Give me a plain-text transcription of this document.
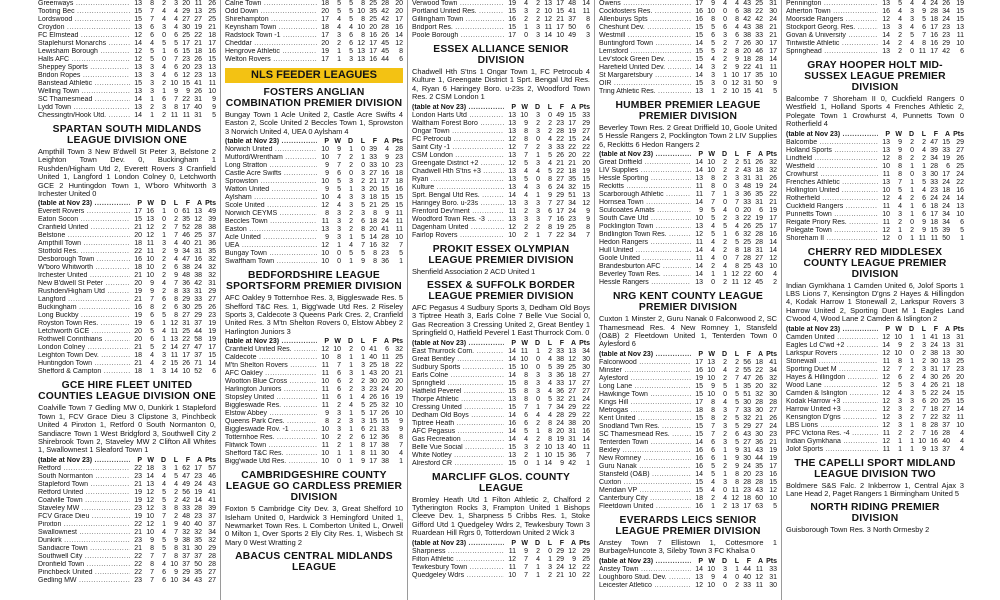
Greenways .....	13	8	2	3 20 11 26
Tooting Bec .....	15	7	4	4 29 13 25
Lordswood .....	15	7	4	4 27 27 25
Croydon .....	13	6	3	4 30 19 21
FC Elmstead .....	12	6	0	6 25 22 18
Staplehurst Monarchs .....	14	4	5	5 17 21 17
Lewisham Borough .....	12	5	1	6 15 18 16
Halls AFC .....	12	5	0	7 23 26 15
Sheppey Sports .....	13	3	4	6 20 23 13
Bridon Ropes .....	13	3	4	6 12 23 13
Banstead Athletic .....	15	3	2 10 15 41 11
Welling Town .....	13	3	1	9	9 26 10
SC Thamesmead .....	14	1	6	7 22 31	9
Lydd Town .....	13	2	3	8 17 40	9
Chessingtn/Hook Utd. .....	14	1	2 11 11 31	5
SPARTAN SOUTH MIDLANDS LEAGUE DIVISION ONE
Ampthill Town 3 New B'dwell St Peter 3, Belstone 2 Leighton Town Dev. 0, Buckingham 1 Rushden/Higham Utd 2, Everett Rovers 3 Cranfield United 1, Langford 1 London Colney 0, Letchworth GCE 2 Huntingdon Town 1, W'boro Whitworth 3 Irchester United 0
(table at Nov 23) .....	P W D	L	F A Pts
Everett Rovers .....	17 16	1	0 61 13 49
Eaton Socon .....	15 13	0	2 35 12 39
Cranfield United .....	21 12	2	7 52 28 38
Belstone .....	20 12	1	7 46 25 37
Ampthill Town .....	18 11	3	4 40 21 36
Stotfold Res. .....	22 11	2	9 34 31 35
Desborough Town .....	16 10	2	4 47 16 32
W'boro Whitworth .....	18 10	2	6 38 24 32
Irchester United .....	21 10	2	9 48 38 32
New B'dwell St Peter .....	20	9	4	7 36 42 31
Rushden/Higham Utd .....	19	9	2	8 33 31 29
Langford .....	21	7	6	8 29 33 27
Buckingham .....	16	8	2	6 30 25 26
Long Buckby .....	19	6	5	8 27 29 23
Royston Town Res. .....	19	6	1 12 31 37 19
Letchworth GCE .....	20	5	4 11 25 44 19
Rothwell Corinthians .....	20	6	1 13 22 58 19
London Colney .....	21	5	2 14 27 47 17
Leighton Town Dev. .....	18	4	3 11 17 37 15
Huntingdon Town .....	21	4	2 15 26 71 14
Shefford & Campton .....	18	1	3 14 10 52	6
GCE HIRE FLEET UNITED COUNTIES LEAGUE DIVISION ONE
Coalville Town 7 Gedling MW 0, Dunkirk 1 Stapleford Town 1, FCV Grace Dieu 3 Clipstone 3, Pinchbeck United 4 Pinxton 1, Retford 0 South Normanton 0, Sandiacre Town 1 West Bridgford 3, Southwell City 2 Shirebrook Town 2, Staveley MW 2 Clifton All Whites 1, Swallownest 1 Sleaford Town 1
(table at Nov 23) .....	P W D	L	F A Pts
Retford .....	22 18	3	1 62 17 57
South Normanton .....	23 14	4	5 47 23 46
Stapleford Town .....	21 13	4	4 49 24 43
Retford United .....	19 12	5	2 56 19 41
Coalville Town .....	19 12	5	2 42 14 41
Staveley MW .....	23 12	3	8 33 28 39
FCV Grace Dieu .....	19 10	7	2 48 23 37
Pinxton .....	22 12	1	9 40 40 37
Swallownest .....	21 10	4	7 32 32 34
Dunkirk .....	23	9	5	9 38 35 32
Sandiacre Town .....	21	8	5	8 31 30 29
Southwell City .....	22	7	7	8 37 37 28
Dronfield Town .....	22	8	4 10 37 50 28
Pinchbeck United .....	22	7	6	9 29 35 27
Gedling MW .....	23	7	6 10 34 43 27
Calne Town .....	18	5	5	8 25 28 20
Odd Down .....	20	5	5 10 35 42 20
Shirehampton .....	17	4	5	8 25 42 17
Keynsham Town .....	18	4	4 10 20 28 16
Radstock Town -1 .....	17	3	6	8 16 26 14
Cheddar .....	20	2	6 12 17 45 12
Hengrove Athletic .....	19	1	5 13 17 45	8
Welton Rovers .....	17	1	3 13 16 44	6
NLS FEEDER LEAGUES
FOSTERS ANGLIAN COMBINATION PREMIER DIVISION
Bungay Town 1 Acle United 2, Castle Acre Swifts 4 Easton 2, Scole United 2 Beccles Town 1, Sprowston 3 Norwich United 4, UEA 0 Aylsham 4
(table at Nov 23) .....	P W D	L	F A Pts
Norwich United .....	10	9	1	0 39	4 28
Mutford/Wrentham .....	10	7	2	1 33	9 23
Long Stratton .....	9	7	2	0 33 10 23
Castle Acre Swifts .....	9	6	0	3 27 16 18
Sprowston .....	10	5	3	2 21 17 18
Watton United .....	9	5	1	3 20 15 16
Aylsham .....	10	4	3	3 18 15 15
Scole United .....	12	4	3	5 21 25 15
Norwich CEYMS .....	8	3	2	3	8	9 11
Beccles Town .....	11	3	2	6 18 24 11
Easton .....	13	3	2	8 20 41 11
Acle United .....	9	3	1	5 14 28 10
UEA .....	12	1	4	7 16 32	7
Bungay Town .....	10	0	5	5	8 23	5
Swaffham Town .....	10	0	1	9	8 36	1
BEDFORDSHIRE LEAGUE SPORTSFORM PREMIER DIVISION
AFC Oakley 9 Totternhoe Res. 3, Biggleswade Res. 5 Shefford T&C Res. 1, Bigg'wade Utd Res. 2 Riseley Sports 3, Caldecote 3 Queens Park Cres. 2, Cranfield United Res. 3 M'tn Shelton Rovers 0, Elstow Abbey 2 Harlington Juniors 3
(table at Nov 23) .....	P W D	L	F A Pts
Cranfield United Res. .....	12 10	2	0 41	6 32
Caldecote .....	10	8	1	1 40 11 25
M'tn Shelton Rovers .....	11	7	1	3 25 18 22
AFC Oakley .....	11	6	3	1 43 20 21
Wootton Blue Cross .....	10	6	2	2 30 20 20
Harlington Juniors .....	11	6	2	3 23 24 20
Stopsley United .....	11	6	1	4 26 16 19
Biggleswade Res. .....	11	2	4	5 25 32 10
Elstow Abbey .....	9	3	1	5 17 26 10
Queens Park Cres. .....	8	2	3	3 15 15	9
Biggleswade Rov. -1 .....	10	3	1	6 21 33	9
Totternhoe Res. .....	10	2	2	6 12 36	8
Flitwick Town .....	11	2	1	8 17 38	7
Shefford T&C Res. .....	10	1	1	8 11 30	4
Bigg'wade Utd Res. .....	10	0	1	9 17 38	1
CAMBRIDGESHIRE COUNTY LEAGUE GO CARDLESS PREMIER DIVISION
Foxton 5 Cambridge City Dev. 3, Great Shelford 10 Isleham United 0, Hardwick 3 Hemingford United 1, Newmarket Town Res. L Comberton United L, Orwell 0 Milton 1, Over Sports 2 Ely City Res. 1, Wisbech St Mary 0 West Wratting 2
ABACUS CENTRAL MIDLANDS LEAGUE
Verwood Town .....	19	4	2 13 17 48 14
Portland United Res. .....	15	3	2 10 15 41 11
Gillingham Town .....	16	2	2 12 21 37	8
Bridport Res. .....	15	1	3 11 17 50	6
Poole Borough .....	17	0	3 14 10 49	3
ESSEX ALLIANCE SENIOR DIVISION
Chadwell Hth S'tns 1 Ongar Town 1, FC Petrocub 4 Kulture 1, Greengate District 1 Sprt. Bengal Utd Res. 4, Ryan 6 Haringey Boro. u-23s 2, Woodford Town Res. 2 CSM London 1
(table at Nov 23) .....	P W D	L	F A Pts
London Harts Utd .....	13 10	3	0 49 15 33
Waltham Forest Boro .....	13	9	2	2 23 17 29
Ongar Town .....	13	8	3	2 28 19 27
FC Petrocub .....	12	8	0	4 22 15 24
Saint City -1 .....	12	7	2	3 33 22 22
CSM London .....	13	7	1	5 26 20 22
Greengate District +2 .....	12	5	3	4 21 21 20
Chadwell Hth S'tns +3 .....	13	4	4	5 22 18 19
Ryan .....	13	5	0	8 27 35 15
Kulture .....	13	4	3	6 24 32 15
Sprt. Bengal Utd Res. .....	14	4	1	9 29 51 13
Haringey Boro. u-23s .....	13	3	3	7 27 34 12
Frenford Dev'ment .....	11	2	3	6 17 24	9
Woodford Town Res. -3 .....	13	3	3	7 16 23	9
Dagenham United .....	12	2	2	8 19 25	8
Fairlop Rovers .....	10	2	1	7 22 34	7
PROKIT ESSEX OLYMPIAN LEAGUE PREMIER DIVISION
Shenfield Association 2 ACD United 1
ESSEX & SUFFOLK BORDER LEAGUE PREMIER DIVISION
AFC Pegasus 4 Sudbury Sports 3, Dedham Old Boys 3 Tiptree Heath 3, Earls Colne 7 Belle Vue Social 0, Gas Recreation 3 Cressing United 2, Great Bentley 1 Springfield 0, Hatfield Peverel 1 East Thurrock Com. 0
(table at Nov 23) .....	P W D	L	F A Pts
East Thurrock Com. .....	14 11	1	2 33 13 34
Great Bentley .....	14 10	0	4 38 12 30
Sudbury Sports .....	15 10	0	5 39 25 30
Earls Colne .....	14	8	3	3 36 18 27
Springfield .....	15	8	3	4 33 17 27
Hatfield Peverel .....	15	8	3	4 36 27 27
Thorpe Athletic .....	13	8	0	5 32 21 24
Cressing United .....	15	7	1	7 34 29 22
Dedham Old Boys .....	14	6	4	4 28 29 22
Tiptree Heath .....	16	6	2	8 24 38 20
AFC Pegasus .....	14	5	1	8 20 31 16
Gas Recreation .....	14	4	2	8 19 31 14
Belle Vue Social .....	15	3	2 10 13 40 11
White Notley .....	13	2	1 10 15 36	7
Alresford CR .....	15	0	1 14	9 42	1
MARCLIFF GLOS. COUNTY LEAGUE
Bromley Heath Utd 1 Filton Athletic 2, Chalford 2 Tytherington Rocks 3, Frampton United 1 Bishops Cleeve Dev. 1, Sharpness 5 Cribbs Res. 1, Stoke Gifford Utd 1 Quedgeley Wdrs 2, Tewkesbury Town 3 Ruardean Hill Rgrs 0, Totterdown United 2 Wick 3
(table at Nov 23) .....	P W D	L	F A Pts
Sharpness .....	11	9	2	0 29 12 29
Filton Athletic .....	12	7	4	1 29	9 25
Tewkesbury Town .....	11	7	1	3 24 12 22
Quedgeley Wdrs .....	10	7	1	2 21 10 22
Owens .....	17	9	4	4 43 25 31
Cockfosters Res. .....	16 10	0	6 38 22 30
Allenburys Spts .....	16	8	0	8 42 42 24
Cheshunt Dev. .....	15	5	6	4 43 38 21
Westmill .....	15	6	3	6 38 33 21
Buntingford Town .....	14	5	2	7 26 30 17
Lemsford .....	15	5	2	8 20 46 17
Lev'stock Green Dev. .....	15	4	2	9 18 28 14
Harefield United Dev. .....	14	3	2	9 22 41 11
St Margaretsbury .....	14	3	1 10 17 35 10
OIR .....	15	3	0 12 31 50	9
Tring Athletic Res. .....	13	1	2 10 15 41	5
HUMBER PREMIER LEAGUE PREMIER DIVISION
Beverley Town Res. 2 Great Driffield 10, Goole United 5 Hessle Rangers 2, Pocklington Town 2 LIV Supplies 6, Reckitts 6 Hedon Rangers 2
(table at Nov 23) .....	P W D	L	F A Pts
Great Driffield .....	14 10	2	2 51 26 32
LIV Supplies .....	14 10	2	2 43 18 32
Hessle Sporting .....	13	8	2	3 31 31 26
Reckitts .....	11	8	0	3 48 19 24
Scarborough Athletic .....	11	7	1	3 36 35 22
Hornsea Town .....	14	7	0	7 33 31 21
Sculcoates Amats .....	9	5	4	0 20	6 19
South Cave Utd .....	10	5	2	3 22 19 17
Pocklington Town .....	13	4	5	4 26 25 17
Bridlington Town Res. .....	12	5	1	6 32 28 16
Hedon Rangers .....	11	4	2	5 25 28 14
Hull United .....	14	4	2	8 18 31 14
Goole United .....	11	4	0	7 28 27 12
Brandesburton AFC .....	14	2	4	8 25 43 10
Beverley Town Res. .....	14	1	1 12 22 60	4
Hessle Rangers .....	13	0	2 11 12 45	2
NRG KENT COUNTY LEAGUE PREMIER DIVISION
Cuxton 1 Minster 2, Guru Nanak 0 Falconwood 2, SC Thamesmead Res. 4 New Romney 1, Stansfeld (O&B) 2 Fleetdown United 1, Tenterden Town 0 Aylesford 6
(table at Nov 23) .....	P W D	L	F A Pts
Falconwood .....	17 13	2	2 56 18 41
Minster .....	16 10	4	2 55 22 34
Aylesford .....	19 10	2	7 47 26 32
Long Lane .....	15	9	5	1 35 20 32
Hawkinge Town .....	15 10	0	5 51 32 30
Kings Hill .....	17	8	4	5 30 28 28
Metrogas .....	18	8	3	7 33 30 27
Kent United .....	15	8	2	5 32 21 26
Snodland Twn Res. .....	15	7	3	5 29 27 24
SC Thamesmead Res. .....	15	7	2	6 43 30 23
Tenterden Town .....	14	6	3	5 27 36 21
Bexley .....	16	6	1	9 31 43 19
New Romney .....	16	6	1	9 30 44 19
Guru Nanak .....	16	5	2	9 24 35 17
Stansfeld (O&B) .....	14	5	1	8 20 23 16
Cuxton .....	15	4	3	8 28 28 15
Meridian VP .....	15	4	0 11 23 43 12
Canterbury City .....	18	2	4 12 18 60 10
Fleetdown United .....	16	1	2 13 17 63	5
EVERARDS LEICS SENIOR LEAGUE PREMIER DIVISION
Anstey Town 7 Ellistown 1, Cottesmore 1 Burbage/Huncote 3, Sileby Town 3 FC Khalsa 0
(table at Nov 23) .....	P W D	L	F A Pts
Anstey Town .....	14 10	3	1 44 11 33
Loughboro Stud. Dev. .....	13	9	4	0 40 12 31
Leicester Atletico .....	12 10	0	2 33 11 30
Pennington .....	13	5	4	4 24 26 19
Atherton Town .....	16	4	3	9 28 34 15
Moorside Rangers .....	12	4	3	5 18 24 15
Stockport Georg. Res. .....	13	3	4	6 17 23 13
Govan & University .....	14	2	5	7 16 23 11
Tintwistle Athletic .....	14	2	4	8 16 29 10
Springhead .....	13	2	0 11 17 42	6
GRAY HOOPER HOLT MID-SUSSEX LEAGUE PREMIER DIVISION
Balcombe 7 Shoreham II 0, Cuckfield Rangers 0 Westfield 1, Holland Sports 4 Frenches Athletic 2, Polegate Town 1 Crowhurst 4, Punnetts Town 0 Rotherfield 4
(table at Nov 23) .....	P W D	L	F A Pts
Balcombe .....	13	9	2	2 47 15 29
Holland Sports .....	13	9	0	4 39 33 27
Lindfield .....	12	8	2	2 34 19 26
Westfield .....	10	8	1	1 28	6 25
Crowhurst .....	11	8	0	3 30 17 24
Frenches Athletic .....	13	7	1	5 33 24 22
Hollington United .....	10	5	1	4 23 18 16
Rotherfield .....	12	4	2	6 24 24 14
Cuckfield Rangers .....	11	4	1	6 18 24 13
Punnetts Town .....	10	3	1	6 17 34 10
Reigate Priory Res. .....	11	2	0	9 18 34	6
Polegate Town .....	12	1	2	9 15 39	5
Shoreham II .....	12	0	1 11 11 50	1
CHERRY RED MIDDLESEX COUNTY LEAGUE PREMIER DIVISION
Indian Gymkhana 1 Camden United 6, Jolof Sports 1 LBS Lions 7, Kensington D'gns 2 Hayes & Hillingdon 4, Kodak Harrow 1 Stonewall 2, Larkspur Rovers 3 Harrow United 2, Sporting Duet M 1 Eagles Land C'wood 4, Wood Lane 2 Camden & Islington 2
(table at Nov 23) .....	P W D	L	F A Pts
Camden United .....	12 10	1	1 41 13 31
Eagles Ld C'wd +2 .....	14	9	2	3 24 13 31
Larkspur Rovers .....	12 10	0	2 38 13 30
Stonewall .....	11	8	1	2 30 13 25
Sporting Duet M .....	12	7	2	3 31 17 23
Hayes & Hillingdon .....	12	6	2	4 30 26 20
Wood Lane .....	12	5	3	4 26 21 18
Camden & Islington .....	12	4	3	5 22 24 15
Kodak Harrow +3 .....	12	3	3	6 20 25 15
Harrow United +3 .....	12	3	2	7 18 27 14
Kensington D'gns .....	12	3	2	7 22 32 11
LBS Lions .....	12	3	1	8 28 37 10
PFC Victoria Res. -4 .....	11	2	2	7 16 28	4
Indian Gymkhana .....	12	1	1 10 16 40	4
Jolof Sports .....	11	1	1	9 13 37	4
THE CAPELLI SPORT MIDLAND LEAGUE DIVISION TWO
Boldmere S&S Falc. 2 Inkberrow 1, Central Ajax 3 Lane Head 2, Paget Rangers 1 Birmingham United 5
NORTH RIDING PREMIER DIVISION
Guisborough Town Res. 3 North Ormesby 2
